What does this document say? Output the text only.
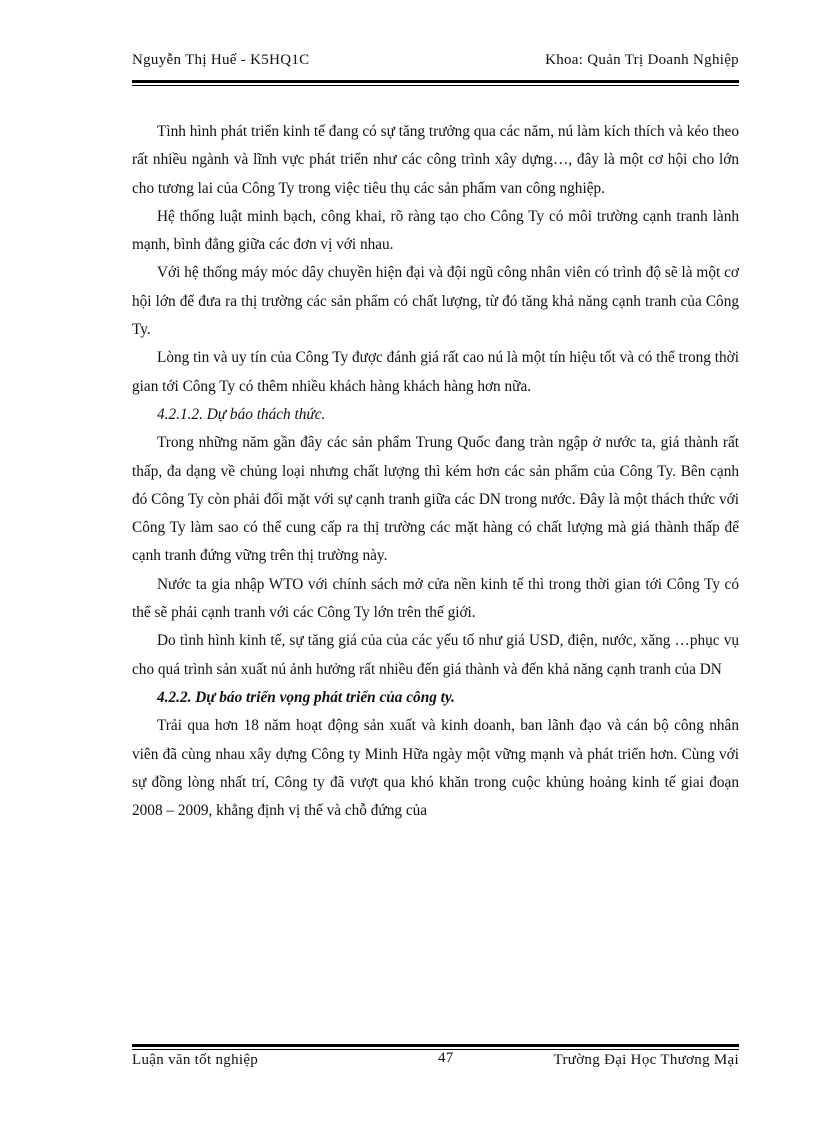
Nguyễn Thị Huế - K5HQ1C	Khoa: Quản Trị Doanh Nghiệp

Tình hình phát triển kinh tế đang có sự tăng trưởng qua các năm, nú làm kích thích và kéo theo rất nhiều ngành và lĩnh vực phát triển như các công trình xây dựng…, đây là một cơ hội cho lớn cho tương lai của Công Ty trong việc tiêu thụ các sản phẩm van công nghiệp.

Hệ thống luật minh bạch, công khai, rõ ràng tạo cho Công Ty có môi trường cạnh tranh lành mạnh, bình đẳng giữa các đơn vị với nhau.

Với hệ thống máy móc dây chuyền hiện đại và đội ngũ công nhân viên có trình độ sẽ là một cơ hội lớn để đưa ra thị trường các sản phẩm có chất lượng, từ đó tăng khả năng cạnh tranh của Công Ty.

Lòng tin và uy tín của Công Ty được đánh giá rất cao nú là một tín hiệu tốt và có thể trong thời gian tới Công Ty có thêm nhiều khách hàng khách hàng hơn nữa.

4.2.1.2. Dự báo thách thức.

Trong những năm gần đây các sản phẩm Trung Quốc đang tràn ngập ở nước ta, giá thành rất thấp, đa dạng về chủng loại nhưng chất lượng thì kém hơn các sản phẩm của Công Ty. Bên cạnh đó Công Ty còn phải đối mặt với sự cạnh tranh giữa các DN trong nước. Đây là một thách thức với Công Ty làm sao có thể cung cấp ra thị trường các mặt hàng có chất lượng mà giá thành thấp để cạnh tranh đứng vững trên thị trường này.

Nước ta gia nhập WTO với chính sách mở cửa nền kinh tế thì trong thời gian tới Công Ty có thể sẽ phải cạnh tranh với các Công Ty lớn trên thế giới.

Do tình hình kinh tế, sự tăng giá của của các yếu tố như giá USD, điện, nước, xăng …phục vụ cho quá trình sản xuất nú ảnh hưởng rất nhiều đến giá thành và đến khả năng cạnh tranh của DN

4.2.2. Dự báo triển vọng phát triển của công ty.

Trải qua hơn 18 năm hoạt động sản xuất và kinh doanh, ban lãnh đạo và cán bộ công nhân viên đã cùng nhau xây dựng Công ty Minh Hữa ngày một vững mạnh và phát triển hơn. Cùng với sự đồng lòng nhất trí, Công ty đã vượt qua khó khăn trong cuộc khủng hoảng kinh tế giai đoạn 2008 – 2009, khẳng định vị thế và chỗ đứng của

Luận văn tốt nghiệp	47	Trường Đại Học Thương Mại
